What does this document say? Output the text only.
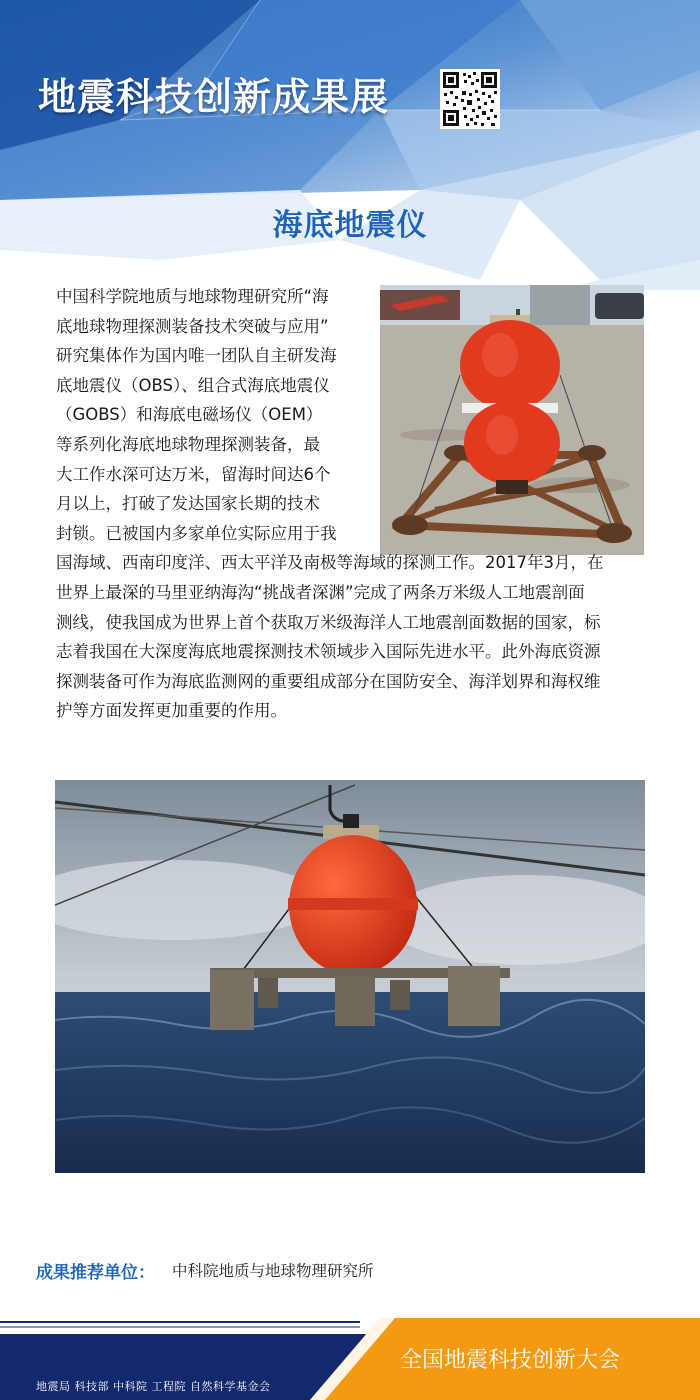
地震科技创新成果展
海底地震仪
中国科学院地质与地球物理研究所“海
底地球物理探测装备技术突破与应用”
研究集体作为国内唯一团队自主研发海
底地震仪（OBS）、组合式海底地震仪
（GOBS）和海底电磁场仪（OEM）
等系列化海底地球物理探测装备，最
大工作水深可达万米，留海时间达6个
月以上，打破了发达国家长期的技术
封锁。已被国内多家单位实际应用于我
国海域、西南印度洋、西太平洋及南极等海域的探测工作。2017年3月，在
世界上最深的马里亚纳海沟“挑战者深渊”完成了两条万米级人工地震剖面
测线，使我国成为世界上首个获取万米级海洋人工地震剖面数据的国家，标
志着我国在大深度海底地震探测技术领域步入国际先进水平。此外海底资源
探测装备可作为海底监测网的重要组成部分在国防安全、海洋划界和海权维
护等方面发挥更加重要的作用。
成果推荐单位： 中科院地质与地球物理研究所
地震局 科技部 中科院 工程院 自然科学基金会
全国地震科技创新大会
